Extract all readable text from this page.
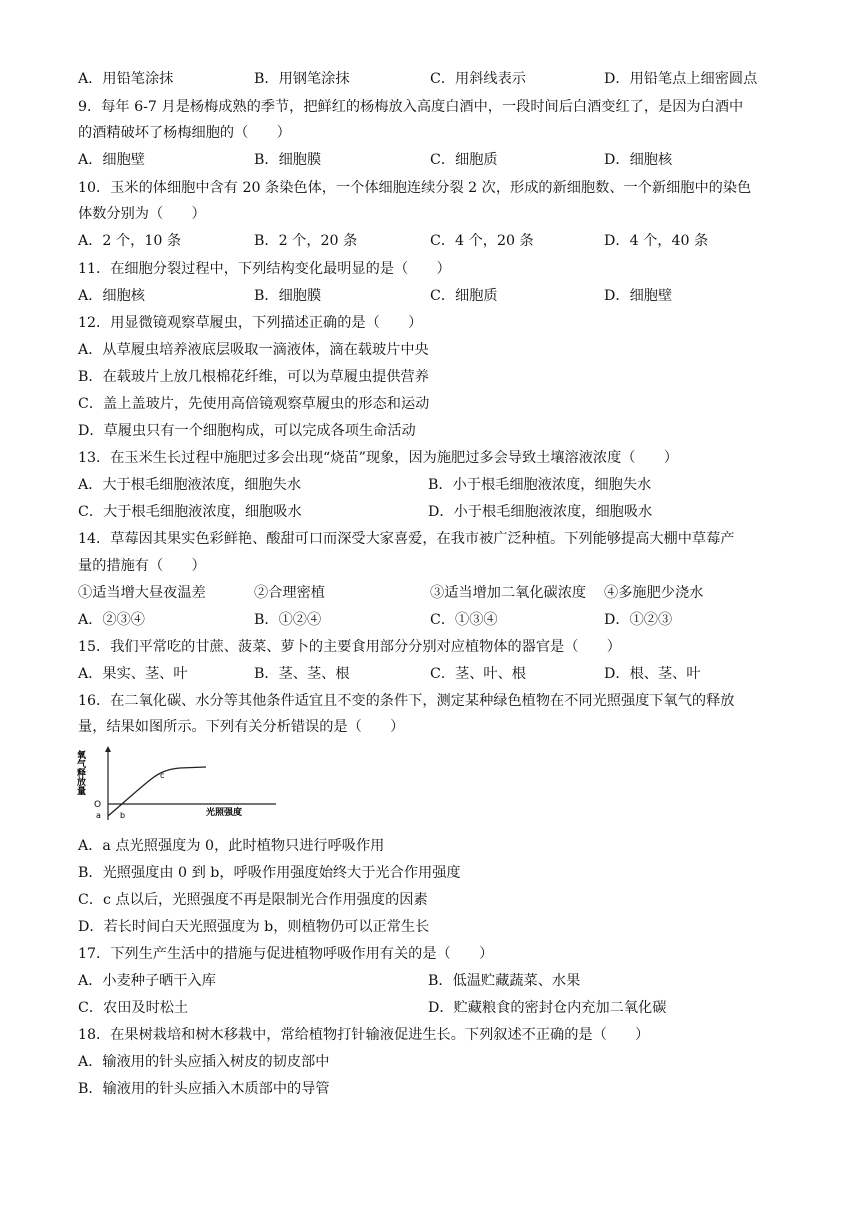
A．用铅笔涂抹	B．用钢笔涂抹	C．用斜线表示	D．用铅笔点上细密圆点
9．每年 6-7 月是杨梅成熟的季节，把鲜红的杨梅放入高度白酒中，一段时间后白酒变红了，是因为白酒中
的酒精破坏了杨梅细胞的（　　）
A．细胞壁	B．细胞膜	C．细胞质	D．细胞核
10．玉米的体细胞中含有 20 条染色体，一个体细胞连续分裂 2 次，形成的新细胞数、一个新细胞中的染色
体数分别为（　　）
A．2 个，10 条	B．2 个，20 条	C．4 个，20 条	D．4 个，40 条
11．在细胞分裂过程中，下列结构变化最明显的是（　　）
A．细胞核	B．细胞膜	C．细胞质	D．细胞壁
12．用显微镜观察草履虫，下列描述正确的是（　　）
A．从草履虫培养液底层吸取一滴液体，滴在载玻片中央
B．在载玻片上放几根棉花纤维，可以为草履虫提供营养
C．盖上盖玻片，先使用高倍镜观察草履虫的形态和运动
D．草履虫只有一个细胞构成，可以完成各项生命活动
13．在玉米生长过程中施肥过多会出现“烧苗”现象，因为施肥过多会导致土壤溶液浓度（　　）
A．大于根毛细胞液浓度，细胞失水	B．小于根毛细胞液浓度，细胞失水
C．大于根毛细胞液浓度，细胞吸水	D．小于根毛细胞液浓度，细胞吸水
14．草莓因其果实色彩鲜艳、酸甜可口而深受大家喜爱，在我市被广泛种植。下列能够提高大棚中草莓产
量的措施有（　　）
①适当增大昼夜温差	②合理密植	③适当增加二氧化碳浓度 ④多施肥少浇水
A．②③④	B．①②④	C．①③④	D．①②③
15．我们平常吃的甘蔗、菠菜、萝卜的主要食用部分分别对应植物体的器官是（　　）
A．果实、茎、叶	B．茎、茎、根	C．茎、叶、根	D．根、茎、叶
16．在二氧化碳、水分等其他条件适宜且不变的条件下，测定某种绿色植物在不同光照强度下氧气的释放
量，结果如图所示。下列有关分析错误的是（　　）
a b
c
O
光照强度
氧气释放量
A．a 点光照强度为 0，此时植物只进行呼吸作用
B．光照强度由 0 到 b，呼吸作用强度始终大于光合作用强度
C．c 点以后，光照强度不再是限制光合作用强度的因素
D．若长时间白天光照强度为 b，则植物仍可以正常生长
17．下列生产生活中的措施与促进植物呼吸作用有关的是（　　）
A．小麦种子晒干入库	B．低温贮藏蔬菜、水果
C．农田及时松土	D．贮藏粮食的密封仓内充加二氧化碳
18．在果树栽培和树木移栽中，常给植物打针输液促进生长。下列叙述不正确的是（　　）
A．输液用的针头应插入树皮的韧皮部中
B．输液用的针头应插入木质部中的导管
